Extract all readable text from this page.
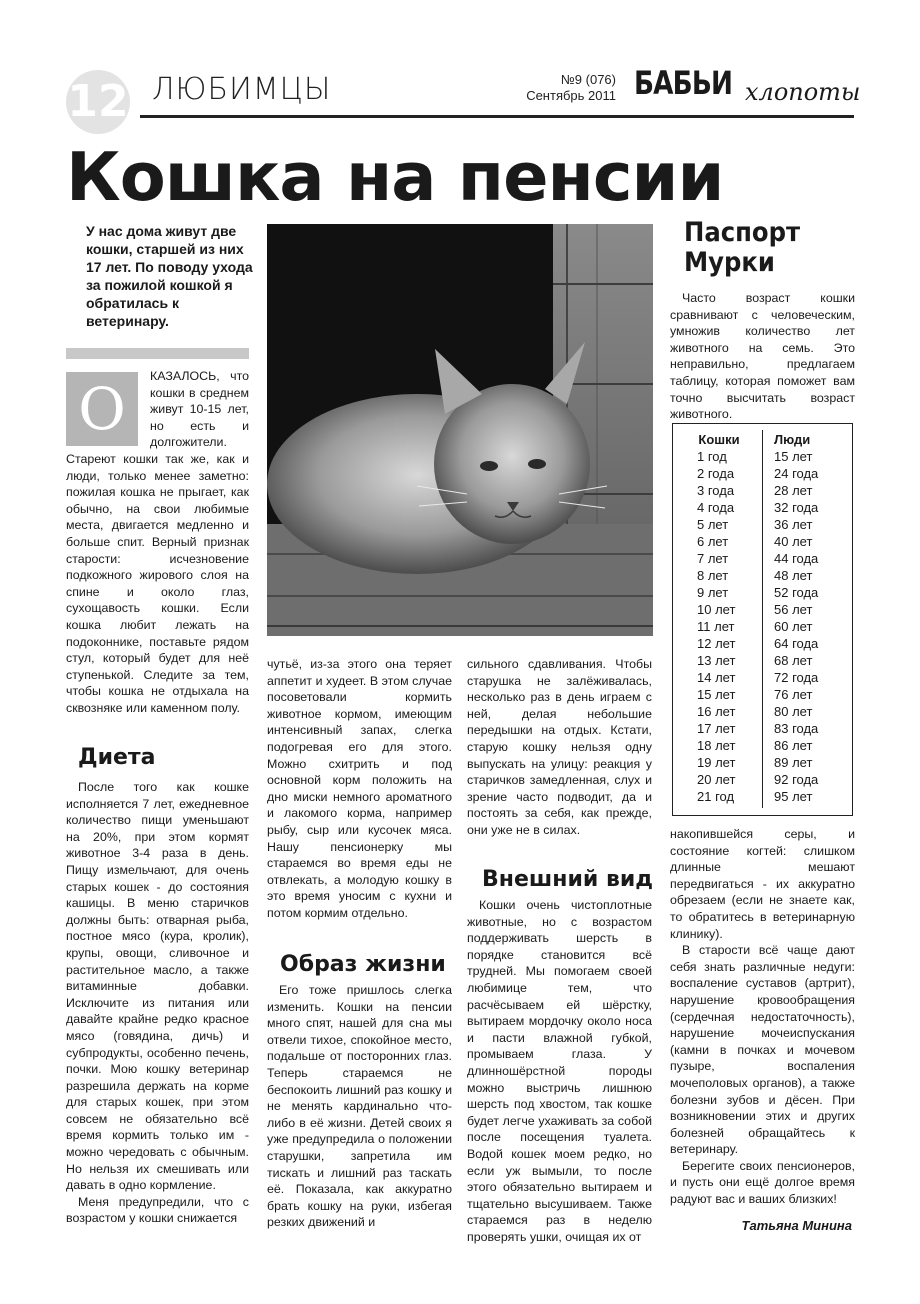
12 ЛЮБИМЦЫ	№9 (076)
Сентябрь 2011 БАБЬИ хлопоты
Кошка на пенсии
У нас дома живут две кошки, старшей из них 17 лет. По поводу ухода за пожилой кошкой я обратилась к ветеринару.
О	КАЗАЛОСЬ, что кошки в среднем живут 10-15 лет, но есть и долгожители. Стареют кошки так же, как и люди, только менее заметно: пожилая кошка не прыгает, как обычно, на свои любимые места, двигается медленно и больше спит. Верный признак старости: исчезновение подкожного жирового слоя на спине и около глаз, сухощавость кошки. Если кошка любит лежать на подоконнике, поставьте рядом стул, который будет для неё ступенькой. Следите за тем, чтобы кошка не отдыхала на сквозняке или каменном полу.

Диета

После того как кошке исполняется 7 лет, ежедневное количество пищи уменьшают на 20%, при этом кормят животное 3-4 раза в день. Пищу измельчают, для очень старых кошек - до состояния кашицы. В меню старичков должны быть: отварная рыба, постное мясо (кура, кролик), крупы, овощи, сливочное и растительное масло, а также витаминные добавки. Исключите из питания или давайте крайне редко красное мясо (говядина, дичь) и субпродукты, особенно печень, почки. Мою кошку ветеринар разрешила держать на корме для старых кошек, при этом совсем не обязательно всё время кормить только им - можно чередовать с обычным. Но нельзя их смешивать или давать в одно кормление.

Меня предупредили, что с возрастом у кошки снижается

чутьё, из-за этого она теряет аппетит и худеет. В этом случае посоветовали кормить животное кормом, имеющим интенсивный запах, слегка подогревая его для этого. Можно схитрить и под основной корм положить на дно миски немного ароматного и лакомого корма, например рыбу, сыр или кусочек мяса. Нашу пенсионерку мы стараемся во время еды не отвлекать, а молодую кошку в это время уносим с кухни и потом кормим отдельно.

Образ жизни

Его тоже пришлось слегка изменить. Кошки на пенсии много спят, нашей для сна мы отвели тихое, спокойное место, подальше от посторонних глаз. Теперь стараемся не беспокоить лишний раз кошку и не менять кардинально что-либо в её жизни. Детей своих я уже предупредила о положении старушки, запретила им тискать и лишний раз таскать её. Показала, как аккуратно брать кошку на руки, избегая резких движений и

сильного сдавливания. Чтобы старушка не залёживалась, несколько раз в день играем с ней, делая небольшие передышки на отдых. Кстати, старую кошку нельзя одну выпускать на улицу: реакция у старичков замедленная, слух и зрение часто подводит, да и постоять за себя, как прежде, они уже не в силах.

Внешний вид

Кошки очень чистоплотные животные, но с возрастом поддерживать шерсть в порядке становится всё трудней. Мы помогаем своей любимице тем, что расчёсываем ей шёрстку, вытираем мордочку около носа и пасти влажной губкой, промываем глаза. У длинношёрстной породы можно выстричь лишнюю шерсть под хвостом, так кошке будет легче ухаживать за собой после посещения туалета. Водой кошек моем редко, но если уж вымыли, то после этого обязательно вытираем и тщательно высушиваем. Также стараемся раз в неделю проверять ушки, очищая их от

Паспорт
Мурки

Часто возраст кошки сравнивают с человеческим, умножив количество лет животного на семь. Это неправильно, предлагаем таблицу, которая поможет вам точно высчитать возраст животного.

Кошки
1 год
2 года
3 года
4 года
5 лет
6 лет
7 лет
8 лет
9 лет
10 лет
11 лет
12 лет
13 лет
14 лет
15 лет
16 лет
17 лет
18 лет
19 лет
20 лет
21 год
Люди
15 лет
24 года
28 лет
32 года
36 лет
40 лет
44 года
48 лет
52 года
56 лет
60 лет
64 года
68 лет
72 года
76 лет
80 лет
83 года
86 лет
89 лет
92 года
95 лет

накопившейся серы, и состояние когтей: слишком длинные мешают передвигаться - их аккуратно обрезаем (если не знаете как, то обратитесь в ветеринарную клинику).

В старости всё чаще дают себя знать различные недуги: воспаление суставов (артрит), нарушение кровообращения (сердечная недостаточность), нарушение мочеиспускания (камни в почках и мочевом пузыре, воспаления мочеполовых органов), а также болезни зубов и дёсен. При возникновении этих и других болезней обращайтесь к ветеринару.

Берегите своих пенсионеров, и пусть они ещё долгое время радуют вас и ваших близких!

Татьяна Минина
